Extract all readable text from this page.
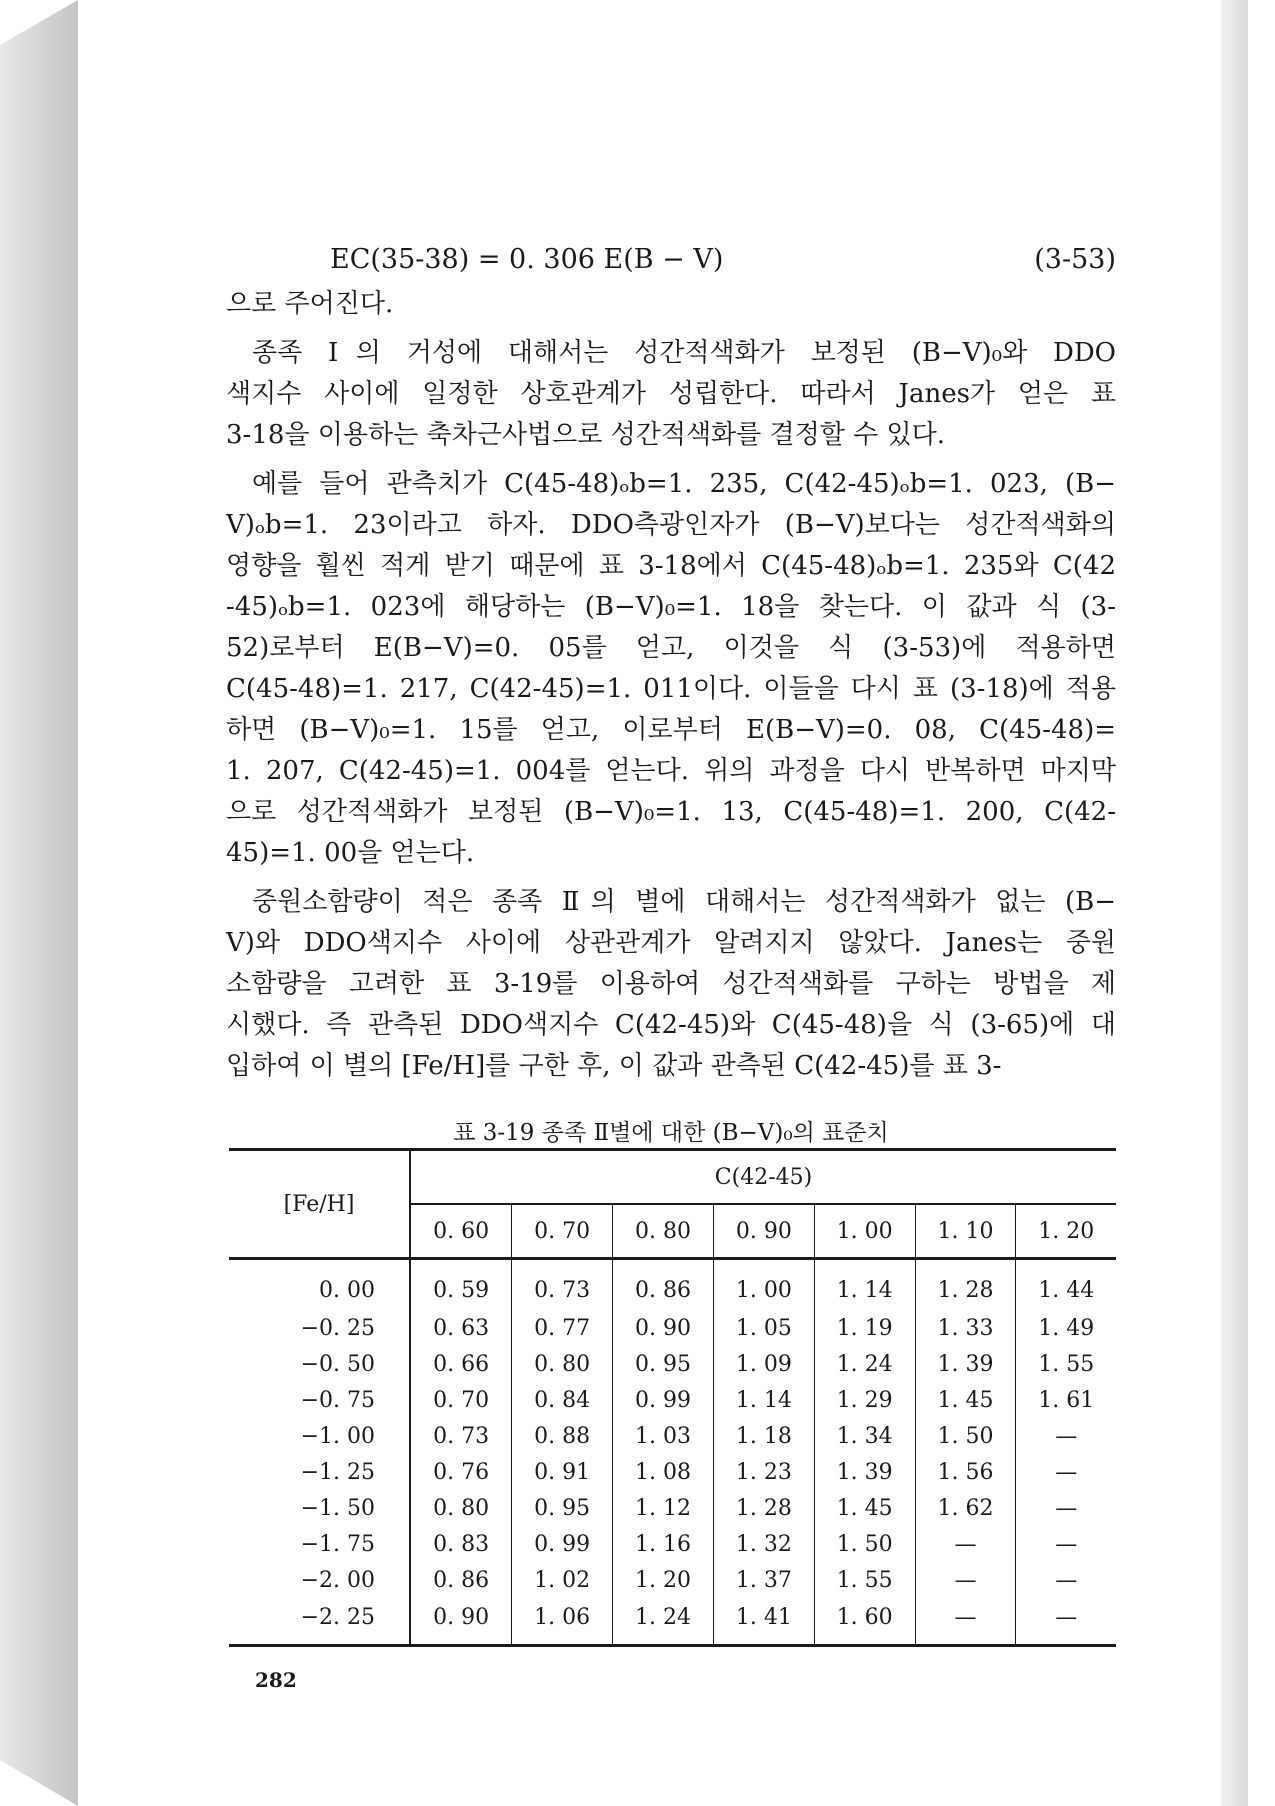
EC(35-38) = 0. 306 E(B − V)	(3-53)
으로 주어진다.
종족 Ⅰ의 거성에 대해서는 성간적색화가 보정된 (B−V)₀와 DDO
색지수 사이에 일정한 상호관계가 성립한다. 따라서 Janes가 얻은 표
3-18을 이용하는 축차근사법으로 성간적색화를 결정할 수 있다.
예를 들어 관측치가 C(45-48)ₒb=1. 235, C(42-45)ₒb=1. 023, (B−
V)ₒb=1. 23이라고 하자. DDO측광인자가 (B−V)보다는 성간적색화의
영향을 훨씬 적게 받기 때문에 표 3-18에서 C(45-48)ₒb=1. 235와 C(42
-45)ₒb=1. 023에 해당하는 (B−V)₀=1. 18을 찾는다. 이 값과 식 (3-
52)로부터 E(B−V)=0. 05를 얻고, 이것을 식 (3-53)에 적용하면
C(45-48)=1. 217, C(42-45)=1. 011이다. 이들을 다시 표 (3-18)에 적용
하면 (B−V)₀=1. 15를 얻고, 이로부터 E(B−V)=0. 08, C(45-48)=
1. 207, C(42-45)=1. 004를 얻는다. 위의 과정을 다시 반복하면 마지막
으로 성간적색화가 보정된 (B−V)₀=1. 13, C(45-48)=1. 200, C(42-
45)=1. 00을 얻는다.
중원소함량이 적은 종족 Ⅱ의 별에 대해서는 성간적색화가 없는 (B−
V)와 DDO색지수 사이에 상관관계가 알려지지 않았다. Janes는 중원
소함량을 고려한 표 3-19를 이용하여 성간적색화를 구하는 방법을 제
시했다. 즉 관측된 DDO색지수 C(42-45)와 C(45-48)을 식 (3-65)에 대
입하여 이 별의 [Fe/H]를 구한 후, 이 값과 관측된 C(42-45)를 표 3-
표 3-19 종족 Ⅱ별에 대한 (B−V)₀의 표준치
[Fe/H]	C(42-45)						
	0. 60	0. 70	0. 80	0. 90	1. 00	1. 10	1. 20
0. 00	0. 59	0. 73	0. 86	1. 00	1. 14	1. 28	1. 44
−0. 25	0. 63	0. 77	0. 90	1. 05	1. 19	1. 33	1. 49
−0. 50	0. 66	0. 80	0. 95	1. 09	1. 24	1. 39	1. 55
−0. 75	0. 70	0. 84	0. 99	1. 14	1. 29	1. 45	1. 61
−1. 00	0. 73	0. 88	1. 03	1. 18	1. 34	1. 50	—
−1. 25	0. 76	0. 91	1. 08	1. 23	1. 39	1. 56	—
−1. 50	0. 80	0. 95	1. 12	1. 28	1. 45	1. 62	—
−1. 75	0. 83	0. 99	1. 16	1. 32	1. 50	—	—
−2. 00	0. 86	1. 02	1. 20	1. 37	1. 55	—	—
−2. 25	0. 90	1. 06	1. 24	1. 41	1. 60	—	—
282
